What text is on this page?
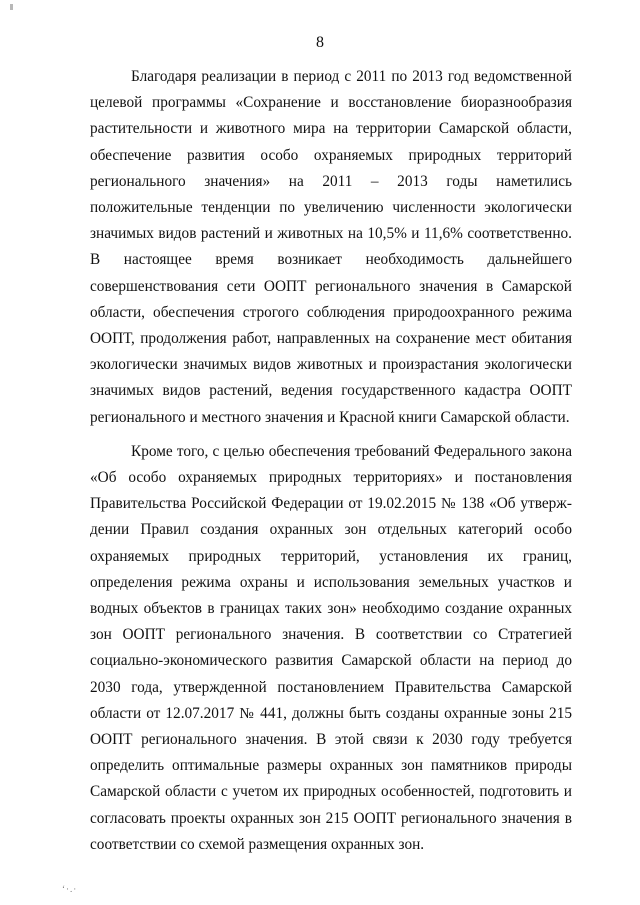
8

Благодаря реализации в период с 2011 по 2013 год ведомственной целевой программы «Сохранение и восстановление биоразнообразия растительности и животного мира на территории Самарской области, обеспечение развития особо охраняемых природных территорий регионального значения» на 2011 – 2013 годы наметились положительные тенденции по увеличению численности экологически значимых видов растений и животных на 10,5% и 11,6% соответственно. В настоящее время возникает необходимость дальнейшего совершенствования сети ООПТ регионального значения в Самарской области, обеспечения строгого соблюдения природоохранного режима ООПТ, продолжения работ, направленных на сохранение мест обитания экологически значимых видов животных и произрастания экологически значимых видов растений, ведения государственного кадастра ООПТ регионального и местного значения и Красной книги Самарской области.

Кроме того, с целью обеспечения требований Федерального закона «Об особо охраняемых природных территориях» и постановления Правительства Российской Федерации от 19.02.2015 № 138 «Об утверждении Правил создания охранных зон отдельных категорий особо охраняемых природных территорий, установления их границ, определения режима охраны и использования земельных участков и водных объектов в границах таких зон» необходимо создание охранных зон ООПТ регионального значения. В соответствии со Стратегией социально-экономического развития Самарской области на период до 2030 года, утвержденной постановлением Правительства Самарской области от 12.07.2017 № 441, должны быть созданы охранные зоны 215 ООПТ регионального значения. В этой связи к 2030 году требуется определить оптимальные размеры охранных зон памятников природы Самарской области с учетом их природных особенностей, подготовить и согласовать проекты охранных зон 215 ООПТ регионального значения в соответствии со схемой размещения охранных зон.

‘·.·
